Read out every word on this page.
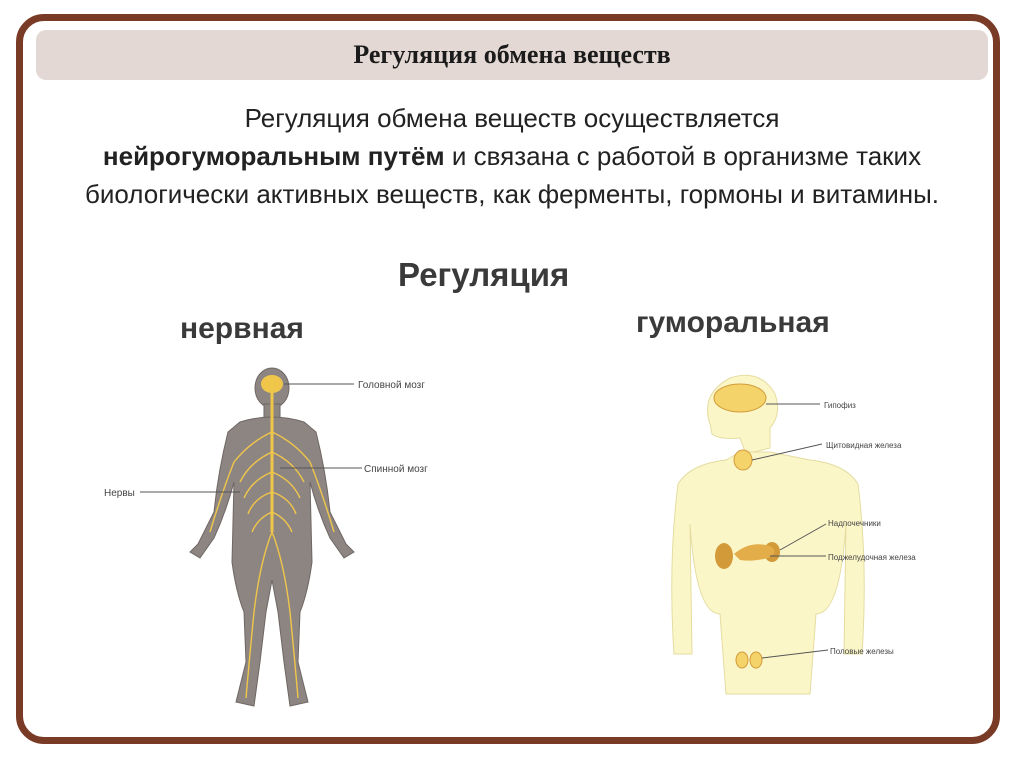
Регуляция обмена веществ
Регуляция обмена веществ осуществляется
нейрогуморальным путём и связана с работой в организме таких биологически активных веществ, как ферменты, гормоны и витамины.
Регуляция
нервная	гуморальная
Головной мозг
Спинной мозг
Нервы
Гипофиз
Щитовидная железа
Надпочечники
Поджелудочная железа
Половые железы
